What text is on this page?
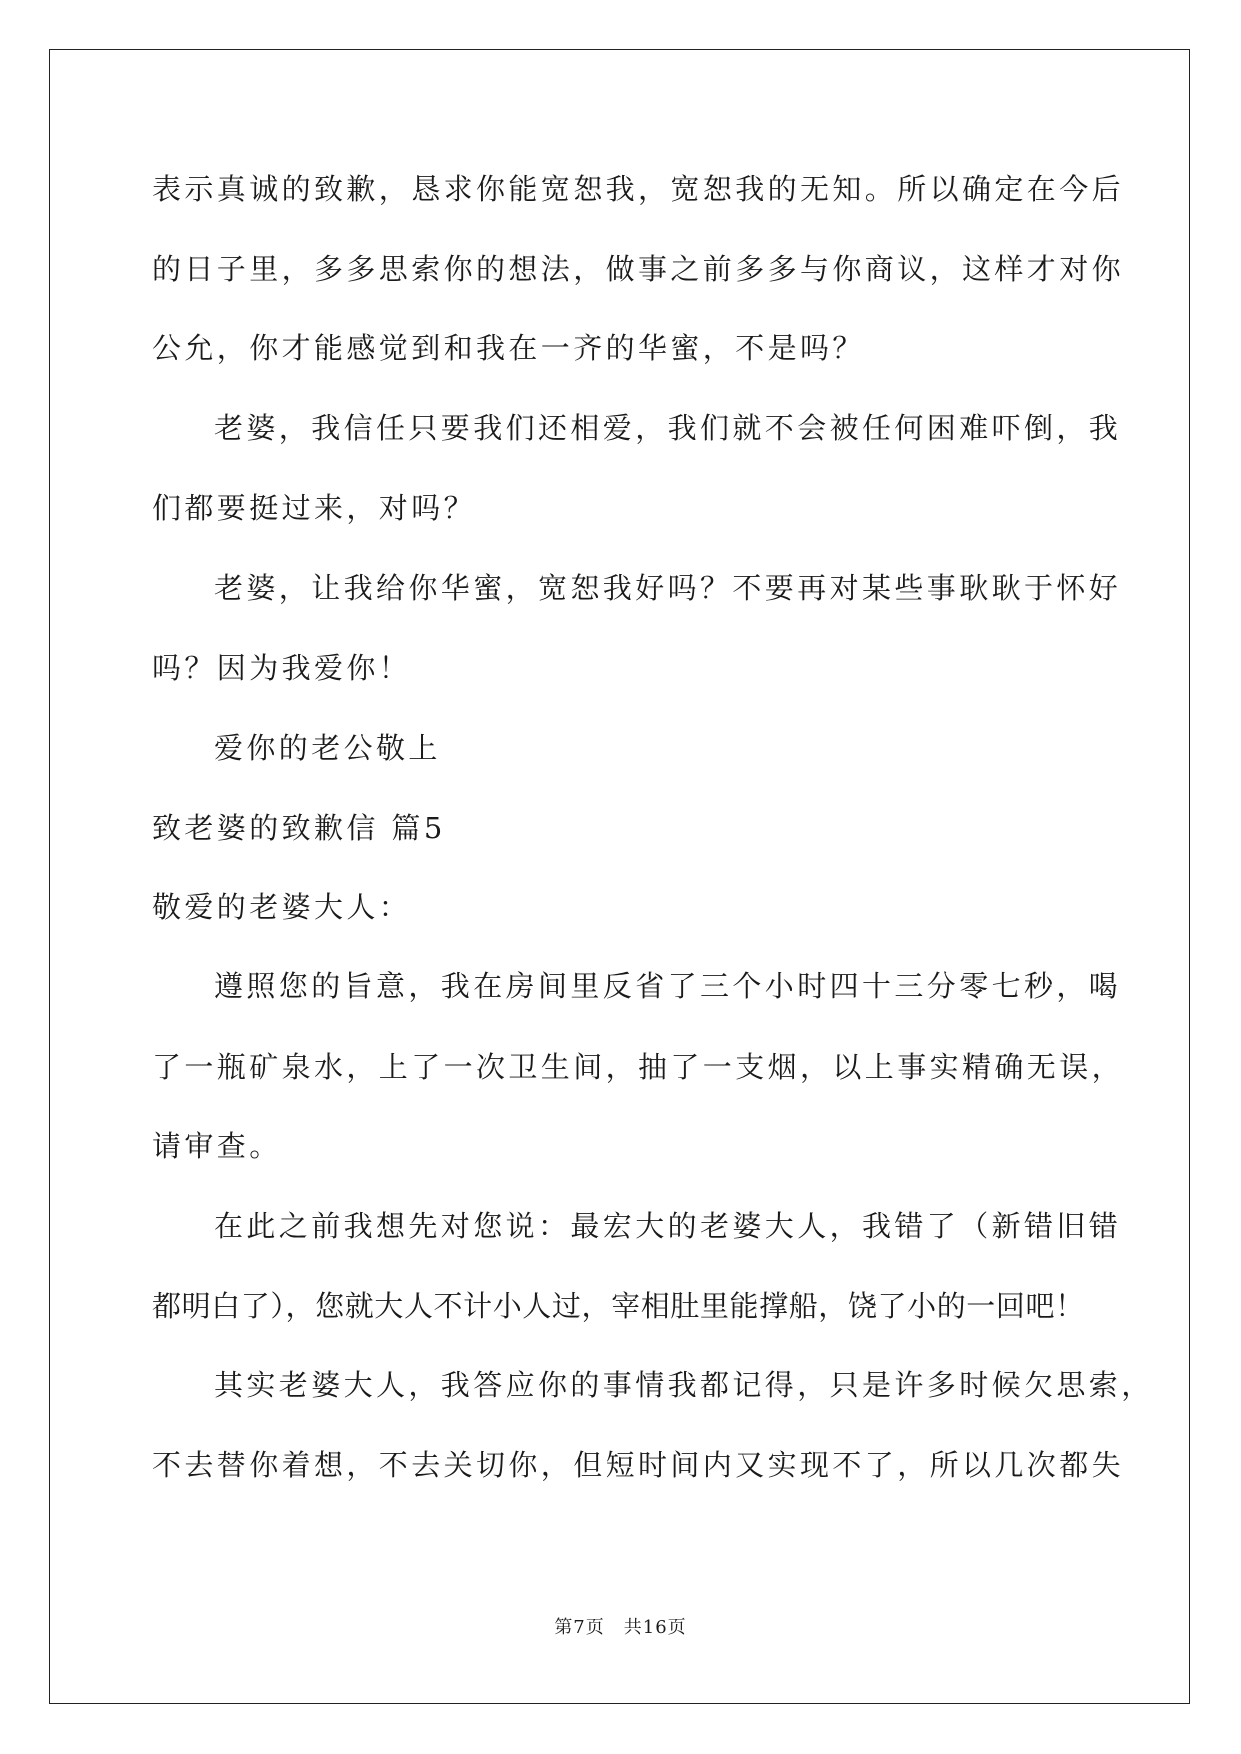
表示真诚的致歉，恳求你能宽恕我，宽恕我的无知。所以确定在今后
的日子里，多多思索你的想法，做事之前多多与你商议，这样才对你
公允，你才能感觉到和我在一齐的华蜜，不是吗？
老婆，我信任只要我们还相爱，我们就不会被任何困难吓倒，我
们都要挺过来，对吗？
老婆，让我给你华蜜，宽恕我好吗？不要再对某些事耿耿于怀好
吗？因为我爱你！
爱你的老公敬上
致老婆的致歉信 篇5
敬爱的老婆大人：
遵照您的旨意，我在房间里反省了三个小时四十三分零七秒，喝
了一瓶矿泉水，上了一次卫生间，抽了一支烟，以上事实精确无误，
请审查。
在此之前我想先对您说：最宏大的老婆大人，我错了（新错旧错
都明白了），您就大人不计小人过，宰相肚里能撑船，饶了小的一回吧！
其实老婆大人，我答应你的事情我都记得，只是许多时候欠思索，
不去替你着想，不去关切你，但短时间内又实现不了，所以几次都失
第7页　共16页
